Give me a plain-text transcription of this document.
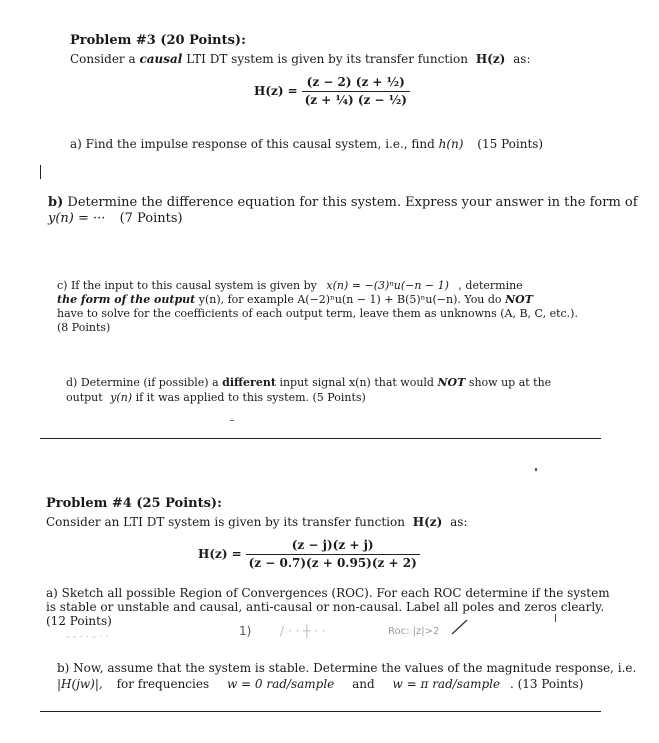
Problem #3 (20 Points):
Consider a causal LTI DT system is given by its transfer function H(z) as:
$H(z) = \frac{\text{(z − 2) (z + ½)}}{\text{(z + ¼) (z − ½)}}$
a) Find the impulse response of this causal system, i.e., find h(n) (15 Points)
b) Determine the difference equation for this system. Express your answer in the form of
y(n) = ··· (7 Points)
c) If the input to this causal system is given by x(n) = −(3)ⁿu(−n − 1) , determine
the form of the output y(n), for example A(−2)ⁿu(n − 1) + B(5)ⁿu(−n). You do NOT
have to solve for the coefficients of each output term, leave them as unknowns (A, B, C, etc.).
(8 Points)
d) Determine (if possible) a different input signal x(n) that would NOT show up at the
output y(n) if it was applied to this system. (5 Points)
Problem #4 (25 Points):
Consider an LTI DT system is given by its transfer function H(z) as:
$H(z) = \frac{(z - j)(z + j)}{(z - 0.7)(z + 0.95)(z + 2)}$
a) Sketch all possible Region of Convergences (ROC). For each ROC determine if the system
is stable or unstable and causal, anti-causal or non-causal. Label all poles and zeros clearly.
(12 Points)
- - · · - · ·	1) / · · ┼ · ·	Roc: |z|>2
b) Now, assume that the system is stable. Determine the values of the magnitude response, i.e.
|H(jw)|, for frequencies w = 0 rad/sample and w = π rad/sample . (13 Points)
